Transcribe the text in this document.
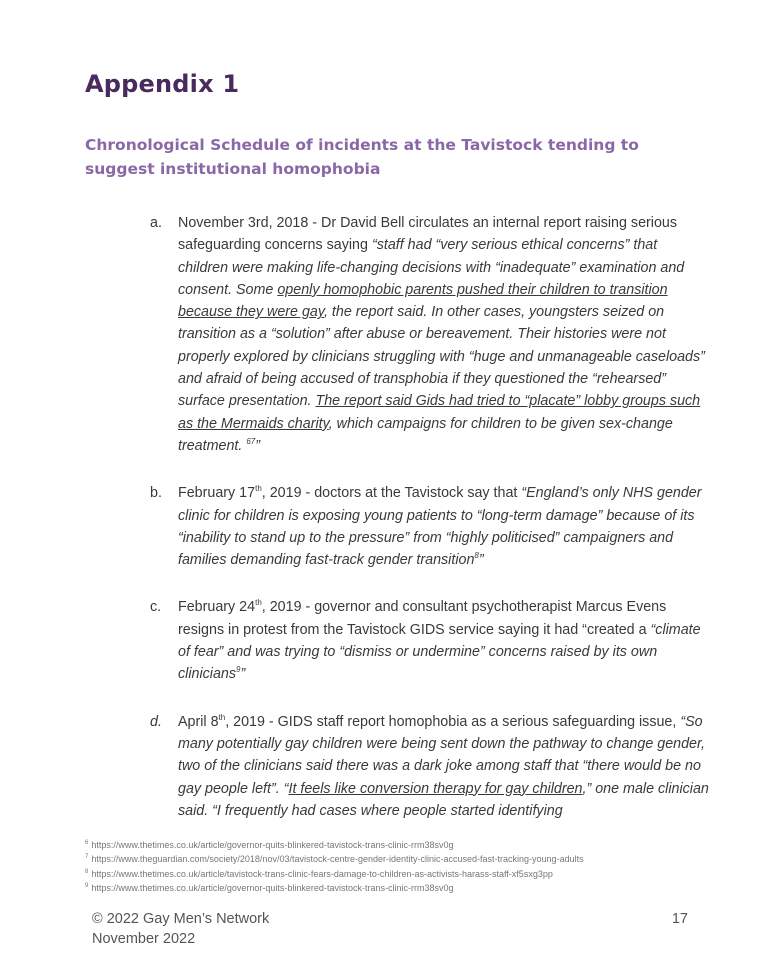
Appendix 1
Chronological Schedule of incidents at the Tavistock tending to suggest institutional homophobia
a.	November 3rd, 2018 - Dr David Bell circulates an internal report raising serious safeguarding concerns saying “staff had “very serious ethical concerns” that children were making life-changing decisions with “inadequate” examination and consent. Some openly homophobic parents pushed their children to transition because they were gay, the report said. In other cases, youngsters seized on transition as a “solution” after abuse or bereavement. Their histories were not properly explored by clinicians struggling with “huge and unmanageable caseloads” and afraid of being accused of transphobia if they questioned the “rehearsed” surface presentation. The report said Gids had tried to “placate” lobby groups such as the Mermaids charity, which campaigns for children to be given sex-change treatment. $^{67}$”
b.	February 17th, 2019 - doctors at the Tavistock say that “England’s only NHS gender clinic for children is exposing young patients to “long-term damage” because of its “inability to stand up to the pressure” from “highly politicised” campaigners and families demanding fast-track gender transition$^8$”
c.	February 24th, 2019 - governor and consultant psychotherapist Marcus Evens resigns in protest from the Tavistock GIDS service saying it had “created a “climate of fear” and was trying to “dismiss or undermine” concerns raised by its own clinicians$^9$”
d.	April 8th, 2019 - GIDS staff report homophobia as a serious safeguarding issue, “So many potentially gay children were being sent down the pathway to change gender, two of the clinicians said there was a dark joke among staff that “there would be no gay people left”. “It feels like conversion therapy for gay children,” one male clinician said. “I frequently had cases where people started identifying
$^6$ https://www.thetimes.co.uk/article/governor-quits-blinkered-tavistock-trans-clinic-rrm38sv0g
$^7$ https://www.theguardian.com/society/2018/nov/03/tavistock-centre-gender-identity-clinic-accused-fast-tracking-young-adults
$^8$ https://www.thetimes.co.uk/article/tavistock-trans-clinic-fears-damage-to-children-as-activists-harass-staff-xf5sxg3pp
$^9$ https://www.thetimes.co.uk/article/governor-quits-blinkered-tavistock-trans-clinic-rrm38sv0g
© 2022 Gay Men’s Network
November 2022
17
